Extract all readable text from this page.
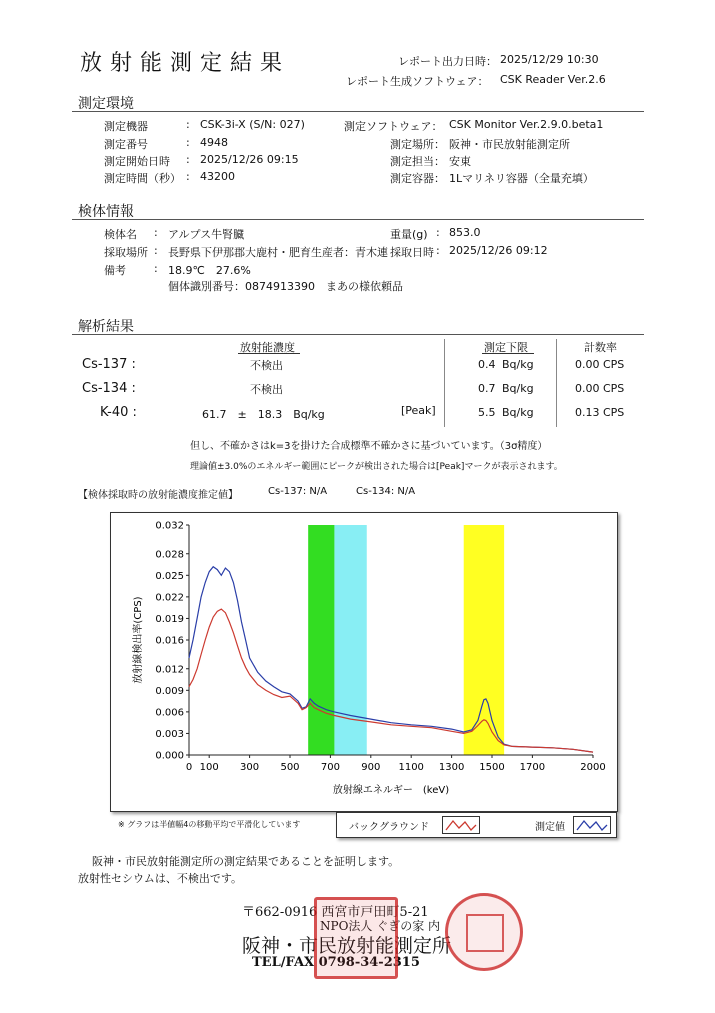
放射能測定結果	レポート出力日時： 2025/12/29 10:30
レポート生成ソフトウェア： CSK Reader Ver.2.6
測定環境
測定機器	: CSK-3i-X (S/N: 027)
測定番号	: 4948
測定開始日時 : 2025/12/26 09:15
測定時間（秒） : 43200
測定ソフトウェア： CSK Monitor Ver.2.9.0.beta1
測定場所： 阪神・市民放射能測定所
測定担当： 安東
測定容器： 1Lマリネリ容器（全量充填）
検体情報
検体名 : アルプス牛腎臓
採取場所 : 長野県下伊那郡大鹿村・肥育生産者：青木連
備考	: 18.9℃　27.6%
個体識別番号：0874913390　まあの様依頼品
重量(g) : 853.0
採取日時 : 2025/12/26 09:12
解析結果
放射能濃度	測定下限	計数率
Cs-137 :	不検出	0.4 Bq/kg	0.00 CPS
Cs-134 :	不検出	0.7 Bq/kg	0.00 CPS
K-40 :	61.7　±　18.3　Bq/kg	[Peak]	5.5 Bq/kg	0.13 CPS
但し、不確かさはk=3を掛けた合成標準不確かさに基づいています。（3σ精度）
理論値±3.0%のエネルギー範囲にピークが検出された場合は[Peak]マークが表示されます。
【検体採取時の放射能濃度推定値】	Cs-137: N/A	Cs-134: N/A
0.000
0.003
0.006
0.009
0.012
0.016
0.019
0.022
0.025
0.028
0.032
0 100 300 500 700 900 1100 1300 1500 1700	2000
放射線エネルギー　(keV)
放射線検出率(CPS)
※ グラフは半値幅4の移動平均で平滑化しています	バックグラウンド	測定値
阪神・市民放射能測定所の測定結果であることを証明します。
放射性セシウムは、不検出です。
〒662-0916 西宮市戸田町5-21
NPO法人 ぐぎの家 内
阪神・市民放射能測定所
TEL/FAX 0798-34-2315
